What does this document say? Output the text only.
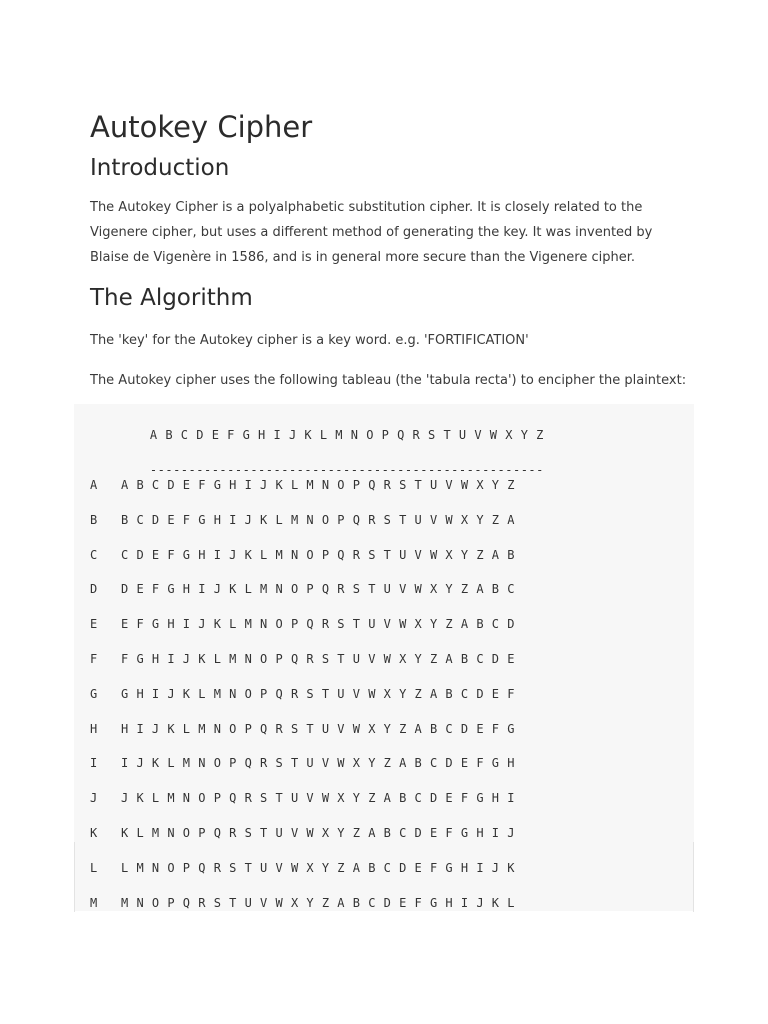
Autokey Cipher
Introduction

The Autokey Cipher is a polyalphabetic substitution cipher. It is closely related to the Vigenere cipher, but uses a different method of generating the key. It was invented by Blaise de Vigenère in 1586, and is in general more secure than the Vigenere cipher.

The Algorithm

The 'key' for the Autokey cipher is a key word. e.g. 'FORTIFICATION'

The Autokey cipher uses the following tableau (the 'tabula recta') to encipher the plaintext:

A B C D E F G H I J K L M N O P Q R S T U V W X Y Z

---------------------------------------------------

A A B C D E F G H I J K L M N O P Q R S T U V W X Y Z
B B C D E F G H I J K L M N O P Q R S T U V W X Y Z A
C C D E F G H I J K L M N O P Q R S T U V W X Y Z A B
D D E F G H I J K L M N O P Q R S T U V W X Y Z A B C
E E F G H I J K L M N O P Q R S T U V W X Y Z A B C D
F F G H I J K L M N O P Q R S T U V W X Y Z A B C D E
G G H I J K L M N O P Q R S T U V W X Y Z A B C D E F
H H I J K L M N O P Q R S T U V W X Y Z A B C D E F G
I I J K L M N O P Q R S T U V W X Y Z A B C D E F G H
J J K L M N O P Q R S T U V W X Y Z A B C D E F G H I
K K L M N O P Q R S T U V W X Y Z A B C D E F G H I J
L L M N O P Q R S T U V W X Y Z A B C D E F G H I J K
M M N O P Q R S T U V W X Y Z A B C D E F G H I J K L
